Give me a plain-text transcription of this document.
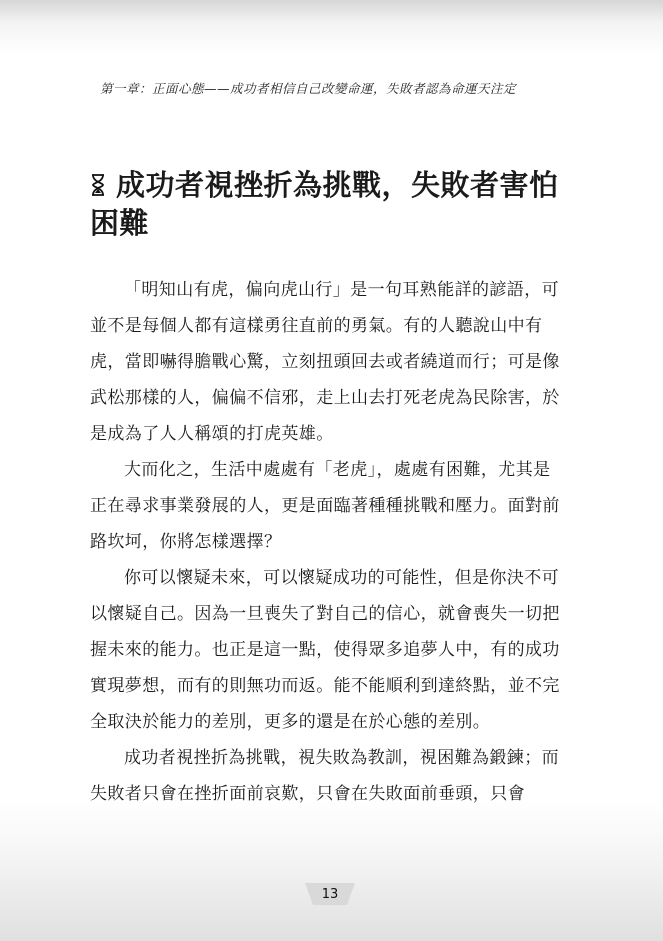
第一章：正面心態——成功者相信自己改變命運，失敗者認為命運天注定
成功者視挫折為挑戰，失敗者害怕困難

「明知山有虎，偏向虎山行」是一句耳熟能詳的諺語，可並不是每個人都有這樣勇往直前的勇氣。有的人聽說山中有虎，當即嚇得膽戰心驚，立刻扭頭回去或者繞道而行；可是像武松那樣的人，偏偏不信邪，走上山去打死老虎為民除害，於是成為了人人稱頌的打虎英雄。

大而化之，生活中處處有「老虎」，處處有困難，尤其是正在尋求事業發展的人，更是面臨著種種挑戰和壓力。面對前路坎坷，你將怎樣選擇？

你可以懷疑未來，可以懷疑成功的可能性，但是你決不可以懷疑自己。因為一旦喪失了對自己的信心，就會喪失一切把握未來的能力。也正是這一點，使得眾多追夢人中，有的成功實現夢想，而有的則無功而返。能不能順利到達終點，並不完全取決於能力的差別，更多的還是在於心態的差別。

成功者視挫折為挑戰，視失敗為教訓，視困難為鍛鍊；而失敗者只會在挫折面前哀歎，只會在失敗面前垂頭，只會

13
